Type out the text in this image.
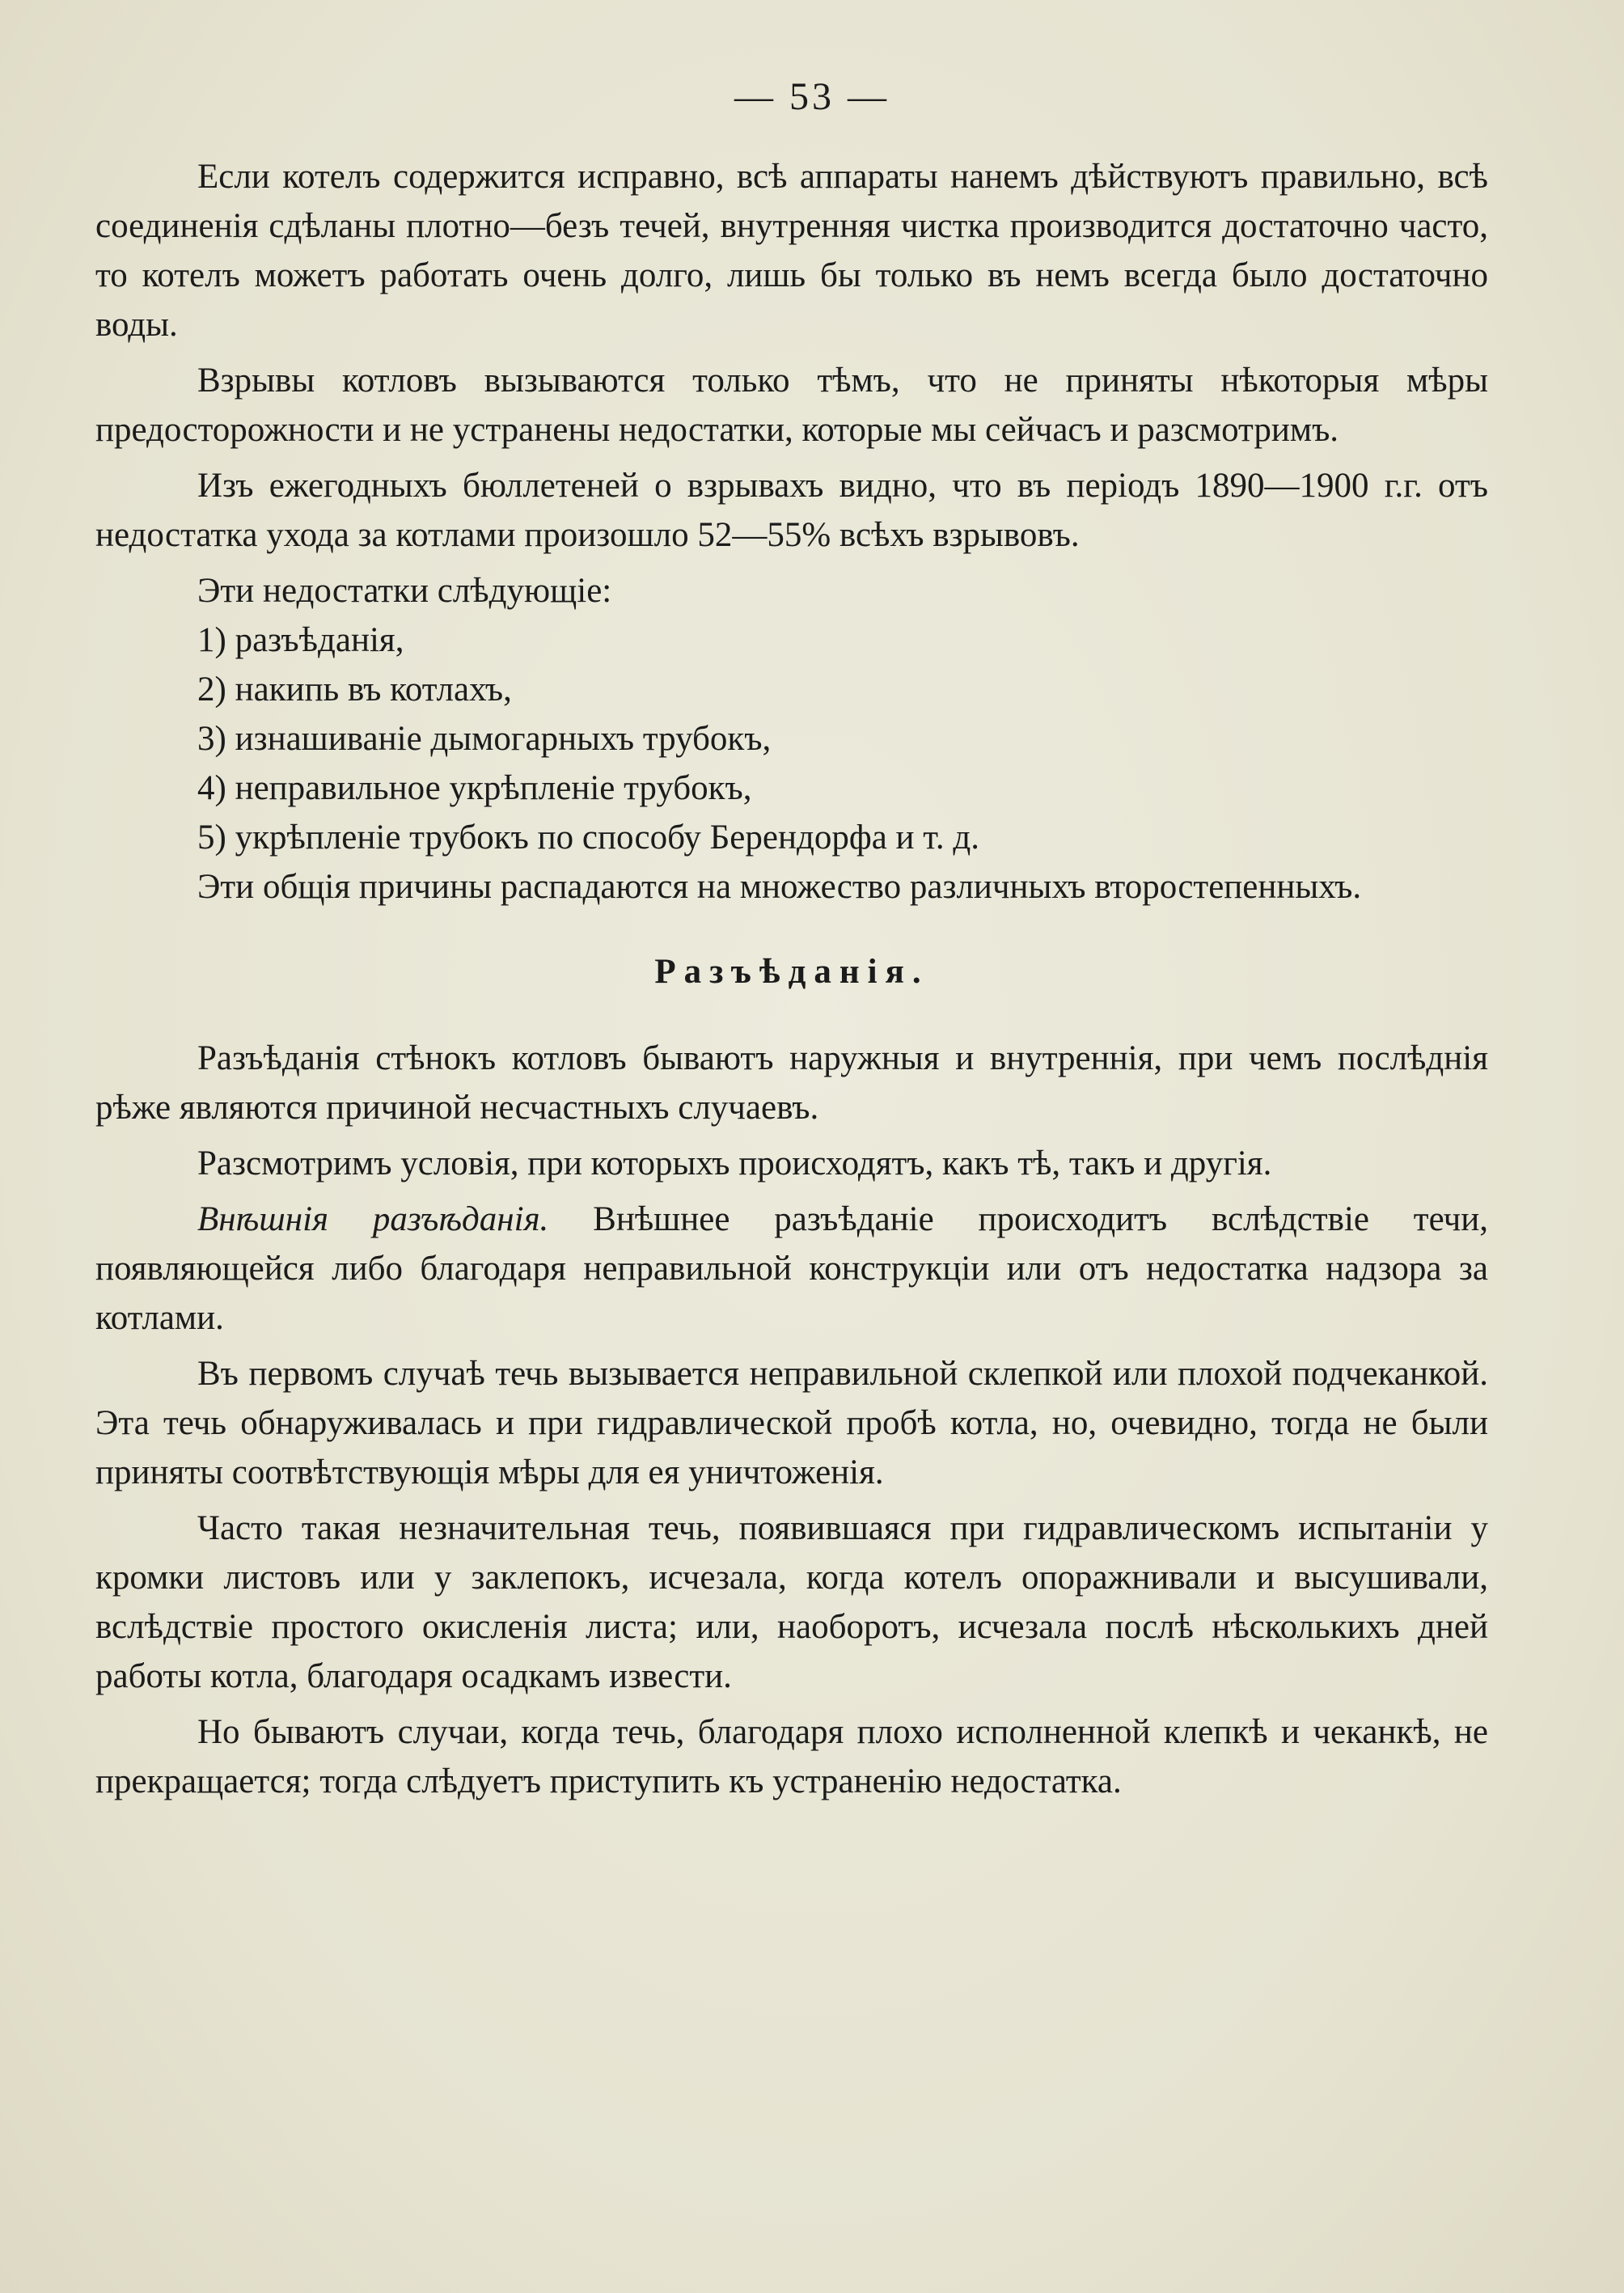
— 53 —

Если котелъ содержится исправно, всѣ аппараты нанемъ дѣйствуютъ правильно, всѣ соединенія сдѣланы плотно—безъ течей, внутренняя чистка производится достаточно часто, то котелъ можетъ работать очень долго, лишь бы только въ немъ всегда было достаточно воды.

Взрывы котловъ вызываются только тѣмъ, что не приняты нѣкоторыя мѣры предосторожности и не устранены недостатки, которые мы сейчасъ и разсмотримъ.

Изъ ежегодныхъ бюллетеней о взрывахъ видно, что въ періодъ 1890—1900 г.г. отъ недостатка ухода за котлами произошло 52—55% всѣхъ взрывовъ.

Эти недостатки слѣдующіе:

1) разъѣданія,
2) накипь въ котлахъ,
3) изнашиваніе дымогарныхъ трубокъ,
4) неправильное укрѣпленіе трубокъ,
5) укрѣпленіе трубокъ по способу Берендорфа и т. д.

Эти общія причины распадаются на множество различныхъ второстепенныхъ.

Разъѣданія.

Разъѣданія стѣнокъ котловъ бываютъ наружныя и внутреннія, при чемъ послѣднія рѣже являются причиной несчастныхъ случаевъ.

Разсмотримъ условія, при которыхъ происходятъ, какъ тѣ, такъ и другія.

Внѣшнія разъѣданія. Внѣшнее разъѣданіе происходитъ вслѣдствіе течи, появляющейся либо благодаря неправильной конструкціи или отъ недостатка надзора за котлами.

Въ первомъ случаѣ течь вызывается неправильной склепкой или плохой подчеканкой. Эта течь обнаруживалась и при гидравлической пробѣ котла, но, очевидно, тогда не были приняты соотвѣтствующія мѣры для ея уничтоженія.

Часто такая незначительная течь, появившаяся при гидравлическомъ испытаніи у кромки листовъ или у заклепокъ, исчезала, когда котелъ опоражнивали и высушивали, вслѣдствіе простого окисленія листа; или, наоборотъ, исчезала послѣ нѣсколькихъ дней работы котла, благодаря осадкамъ извести.

Но бываютъ случаи, когда течь, благодаря плохо исполненной клепкѣ и чеканкѣ, не прекращается; тогда слѣдуетъ приступить къ устраненію недостатка.
